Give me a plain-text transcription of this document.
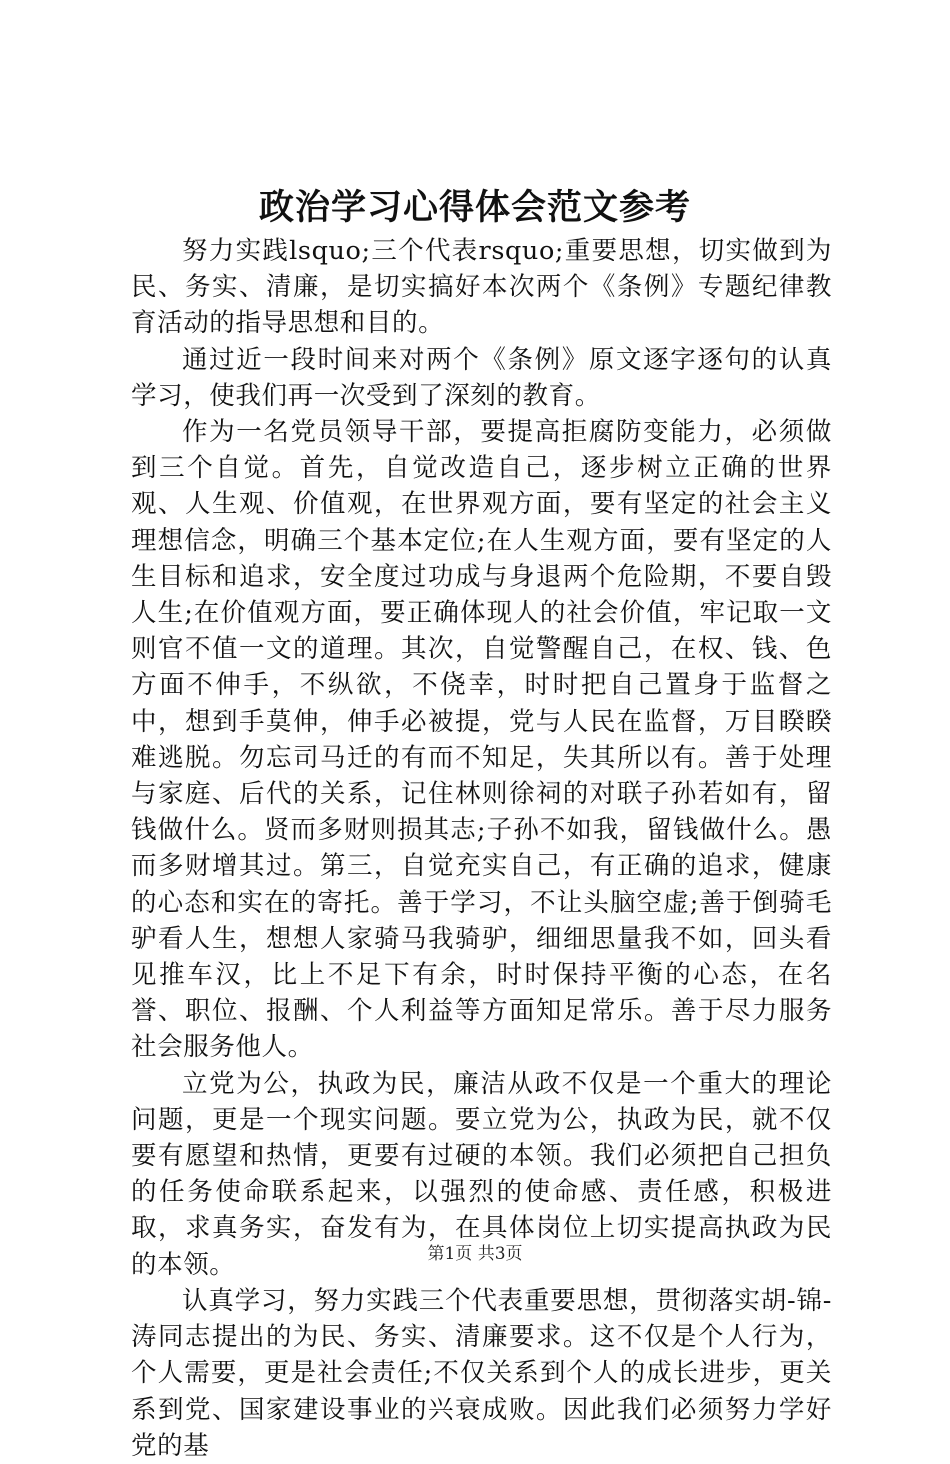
政治学习心得体会范文参考

努力实践lsquo;三个代表rsquo;重要思想，切实做到为民、务实、清廉，是切实搞好本次两个《条例》专题纪律教育活动的指导思想和目的。

通过近一段时间来对两个《条例》原文逐字逐句的认真学习，使我们再一次受到了深刻的教育。

作为一名党员领导干部，要提高拒腐防变能力，必须做到三个自觉。首先，自觉改造自己，逐步树立正确的世界观、人生观、价值观，在世界观方面，要有坚定的社会主义理想信念，明确三个基本定位;在人生观方面，要有坚定的人生目标和追求，安全度过功成与身退两个危险期，不要自毁人生;在价值观方面，要正确体现人的社会价值，牢记取一文则官不值一文的道理。其次，自觉警醒自己，在权、钱、色方面不伸手，不纵欲，不侥幸，时时把自己置身于监督之中，想到手莫伸，伸手必被提，党与人民在监督，万目睽睽难逃脱。勿忘司马迁的有而不知足，失其所以有。善于处理与家庭、后代的关系，记住林则徐祠的对联子孙若如有，留钱做什么。贤而多财则损其志;子孙不如我，留钱做什么。愚而多财增其过。第三，自觉充实自己，有正确的追求，健康的心态和实在的寄托。善于学习，不让头脑空虚;善于倒骑毛驴看人生，想想人家骑马我骑驴，细细思量我不如，回头看见推车汉，比上不足下有余，时时保持平衡的心态，在名誉、职位、报酬、个人利益等方面知足常乐。善于尽力服务社会服务他人。

立党为公，执政为民，廉洁从政不仅是一个重大的理论问题，更是一个现实问题。要立党为公，执政为民，就不仅要有愿望和热情，更要有过硬的本领。我们必须把自己担负的任务使命联系起来，以强烈的使命感、责任感，积极进取，求真务实，奋发有为，在具体岗位上切实提高执政为民的本领。

认真学习，努力实践三个代表重要思想，贯彻落实胡-锦-涛同志提出的为民、务实、清廉要求。这不仅是个人行为，个人需要，更是社会责任;不仅关系到个人的成长进步，更关系到党、国家建设事业的兴衰成败。因此我们必须努力学好党的基

第1页 共3页
